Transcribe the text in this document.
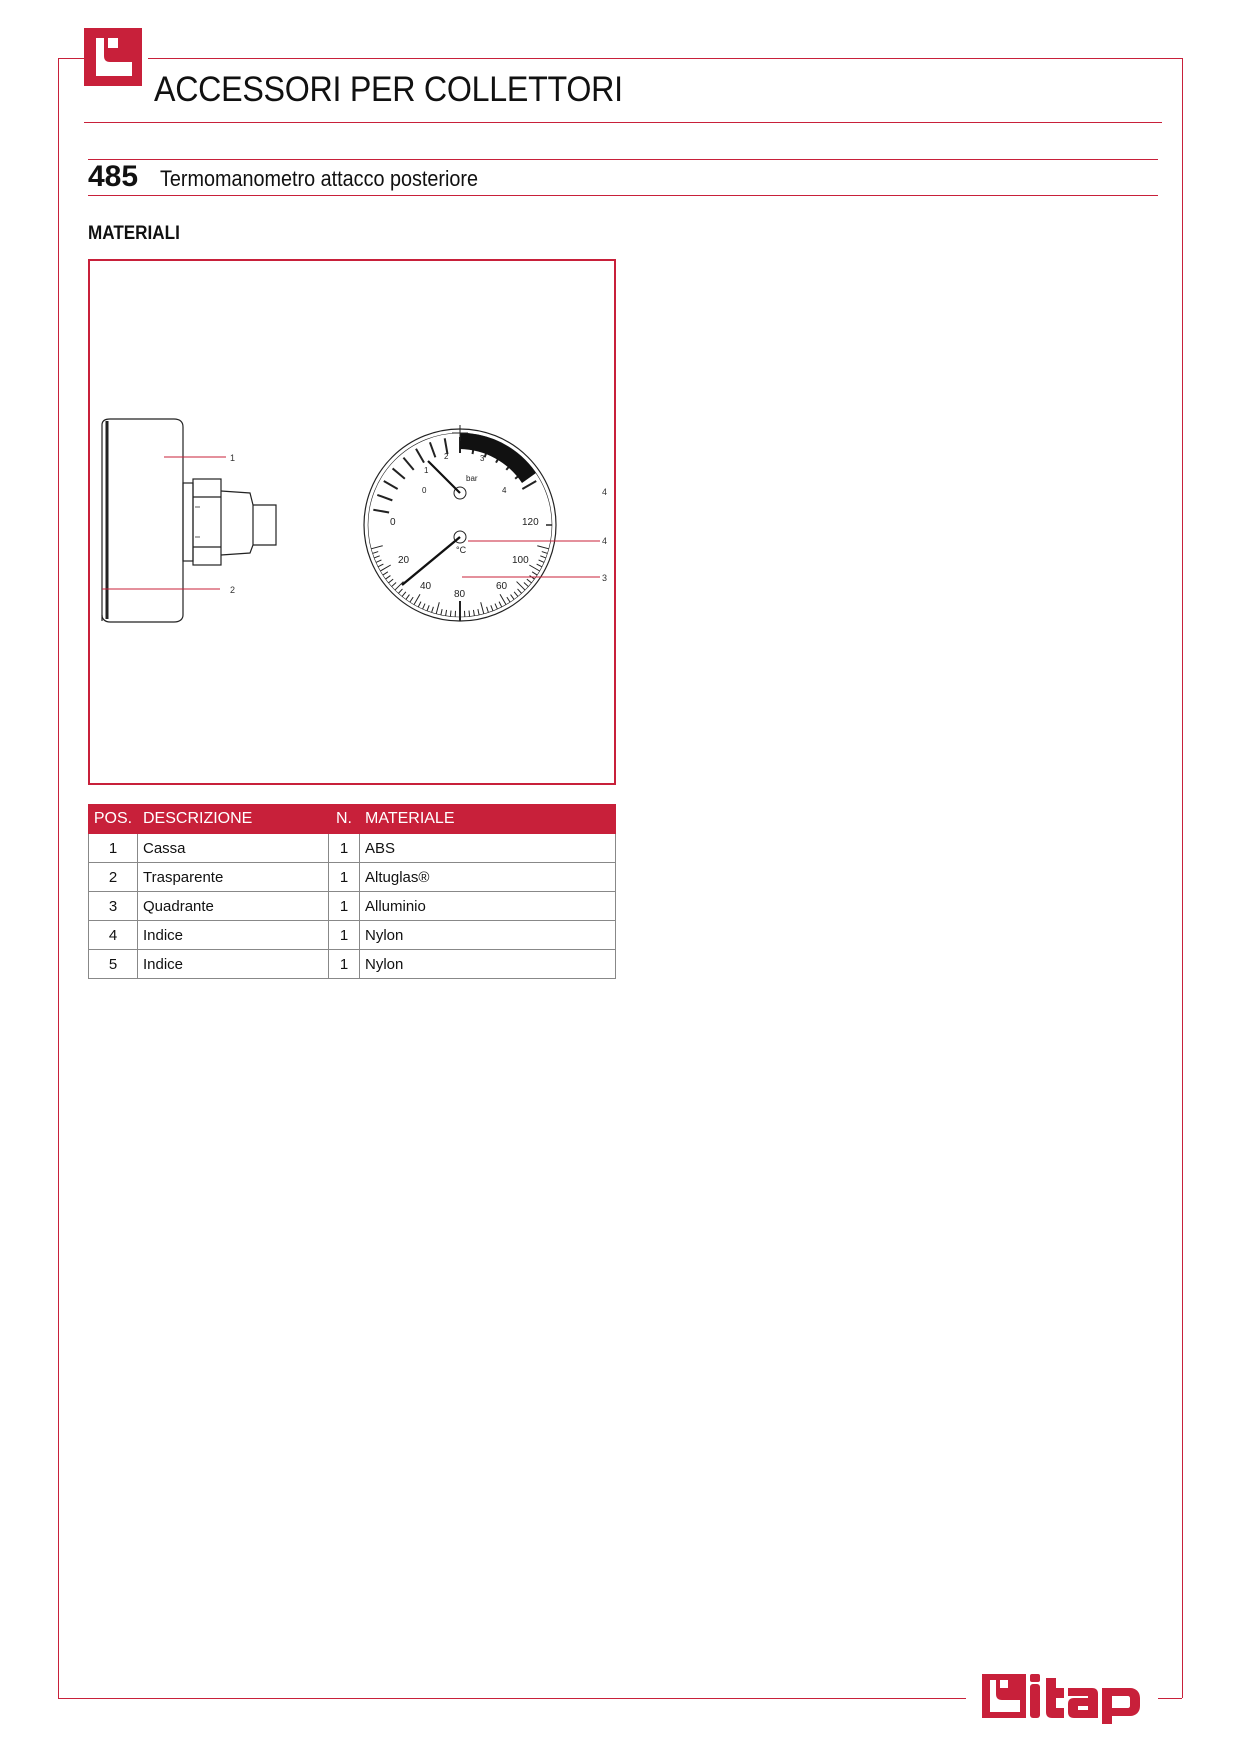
ACCESSORI PER COLLETTORI
485 Termomanometro attacco posteriore
MATERIALI
1
2
bar
°C
0
1
2	3
4
0
20
40	60
80
100
120
4
4
3
POS.	DESCRIZIONE	N.	MATERIALE
1	Cassa	1	ABS
2	Trasparente	1	Altuglas®
3	Quadrante	1	Alluminio
4	Indice	1	Nylon
5	Indice	1	Nylon
